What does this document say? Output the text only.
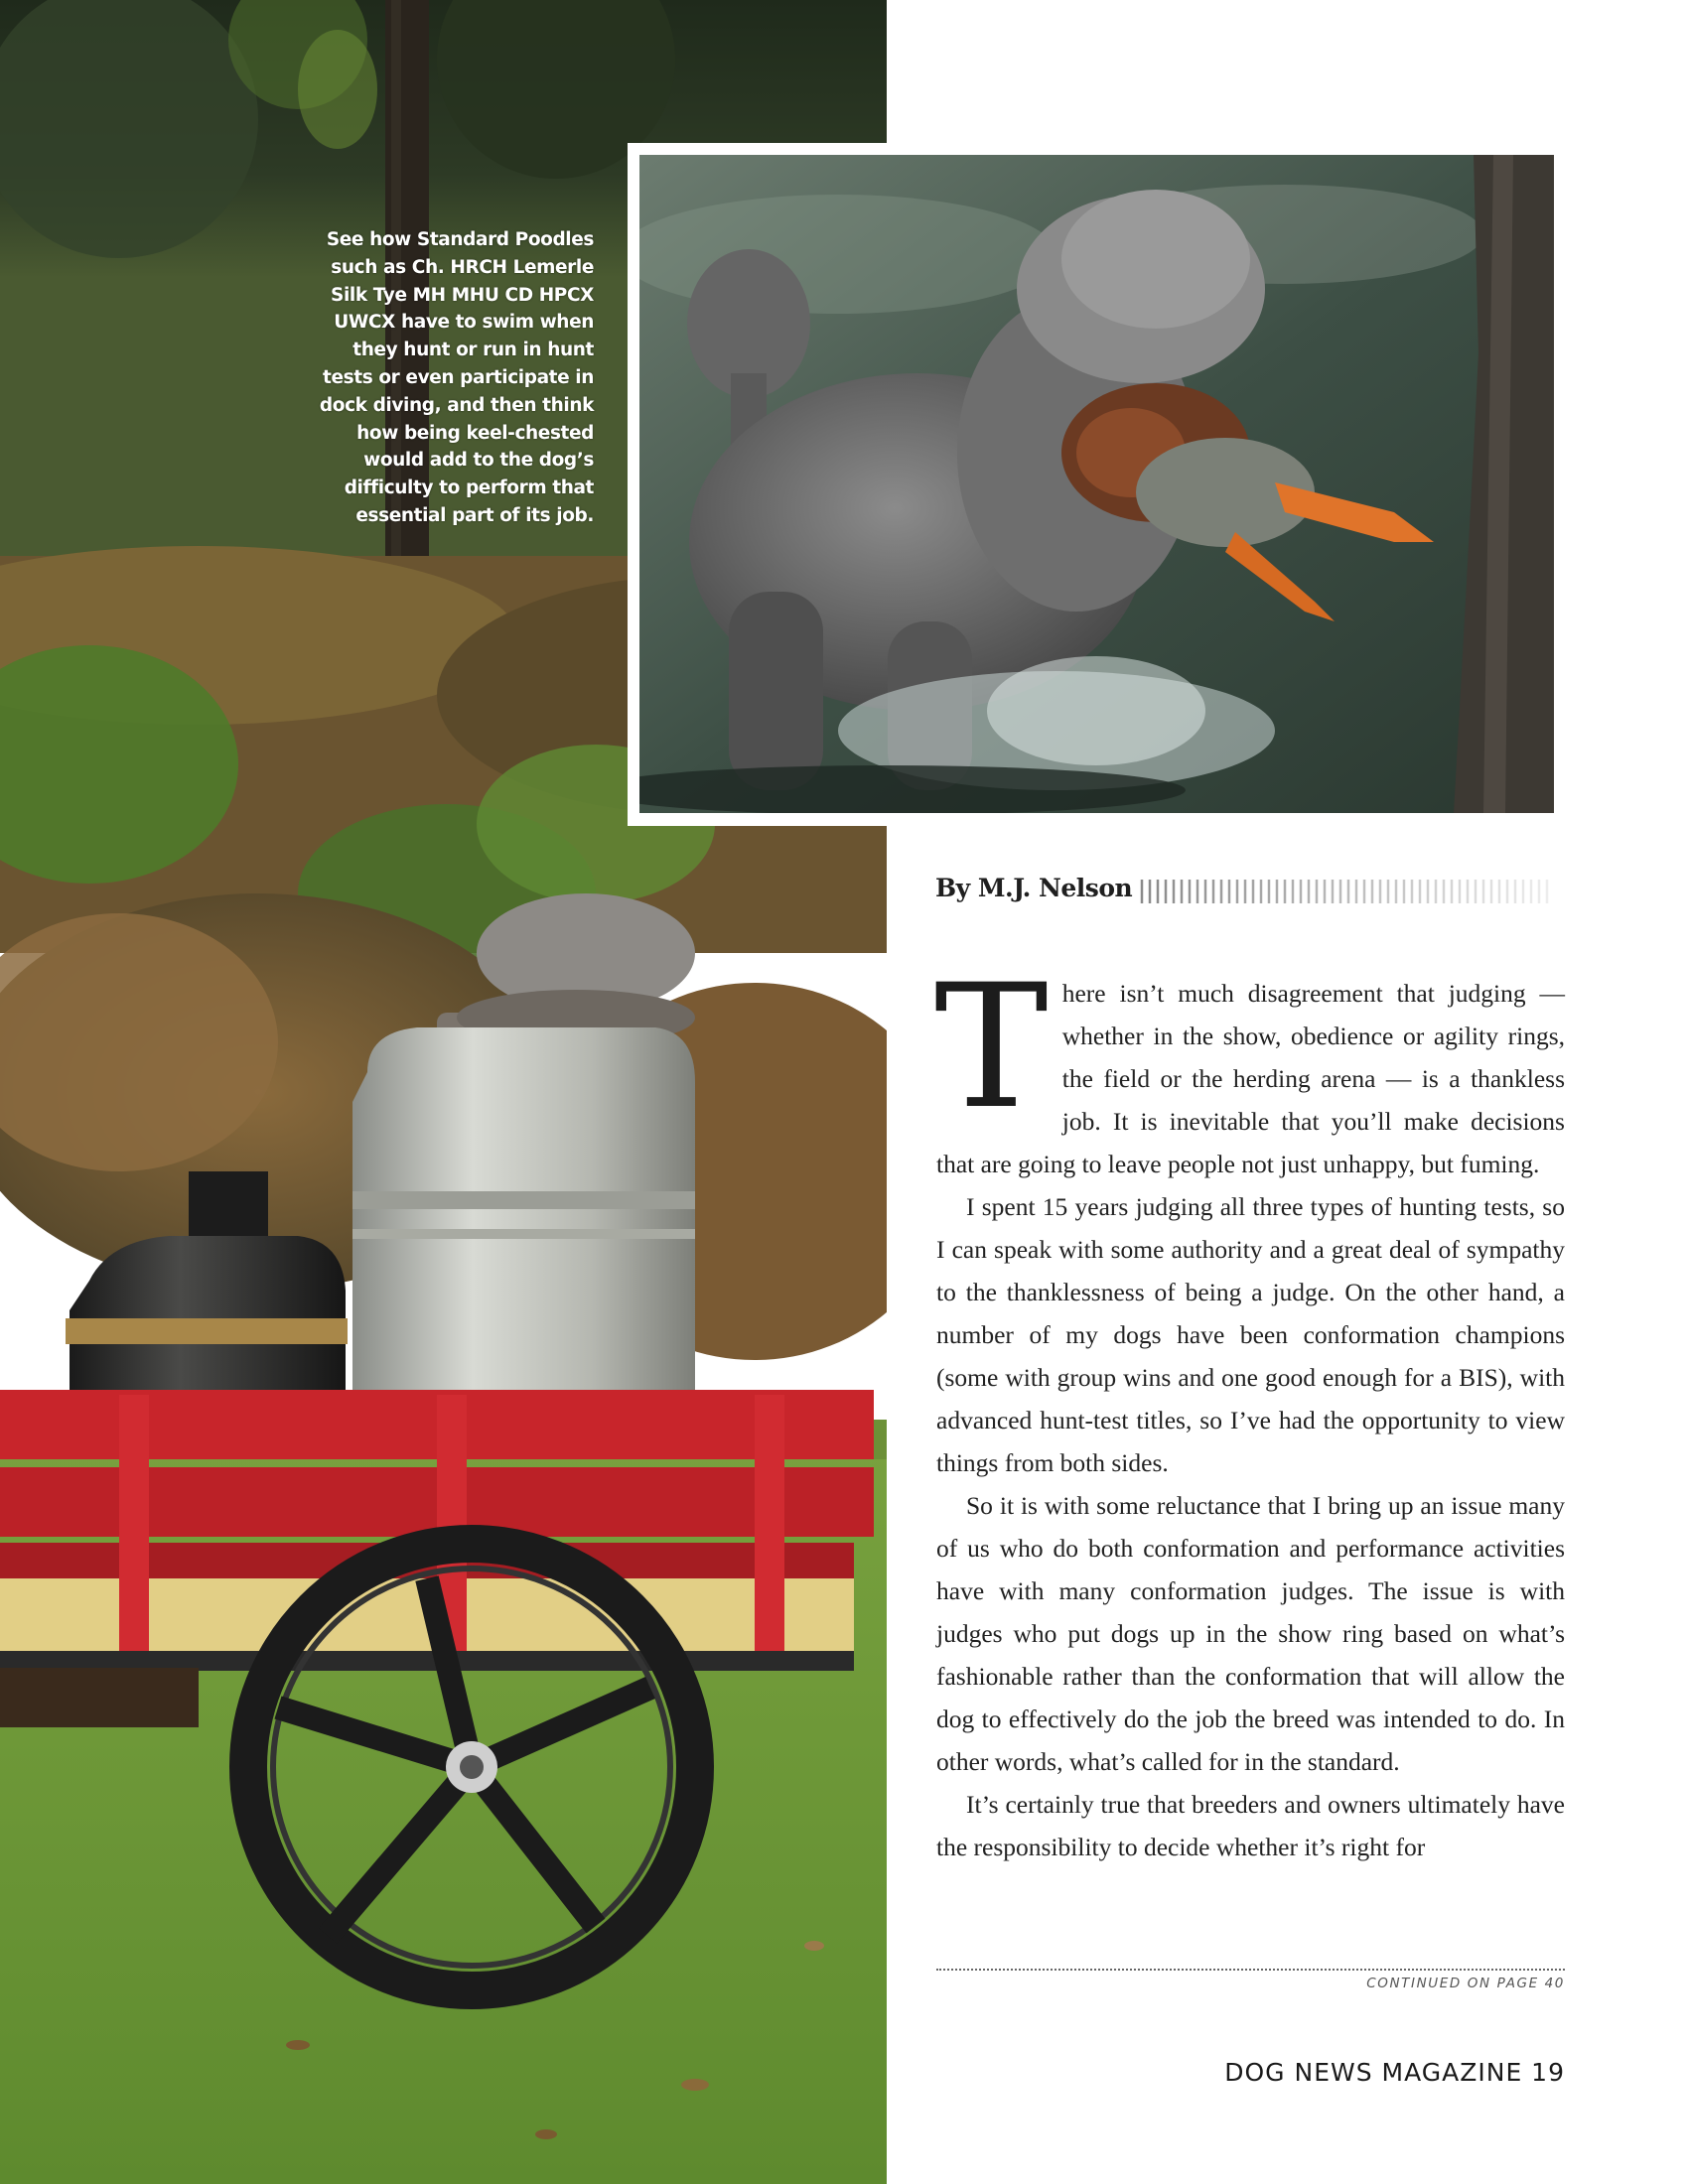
See how Standard Poodles
such as Ch. HRCH Lemerle
Silk Tye MH MHU CD HPCX
UWCX have to swim when
they hunt or run in hunt
tests or even participate in
dock diving, and then think
how being keel-chested
would add to the dog’s
difficulty to perform that
essential part of its job.
By M.J. Nelson

There isn’t much disagreement that judging — whether in the show, obedience or agility rings, the field or the herding arena — is a thankless job. It is inevitable that you’ll make decisions that are going to leave people not just unhappy, but fuming.

I spent 15 years judging all three types of hunting tests, so I can speak with some authority and a great deal of sympathy to the thanklessness of being a judge. On the other hand, a number of my dogs have been conformation champions (some with group wins and one good enough for a BIS), with advanced hunt-test titles, so I’ve had the opportunity to view things from both sides.

So it is with some reluctance that I bring up an issue many of us who do both conformation and performance activities have with many conformation judges. The issue is with judges who put dogs up in the show ring based on what’s fashionable rather than the conformation that will allow the dog to effectively do the job the breed was intended to do. In other words, what’s called for in the standard.

It’s certainly true that breeders and owners ultimately have the responsibility to decide whether it’s right for

CONTINUED ON PAGE 40
DOG NEWS MAGAZINE 19
